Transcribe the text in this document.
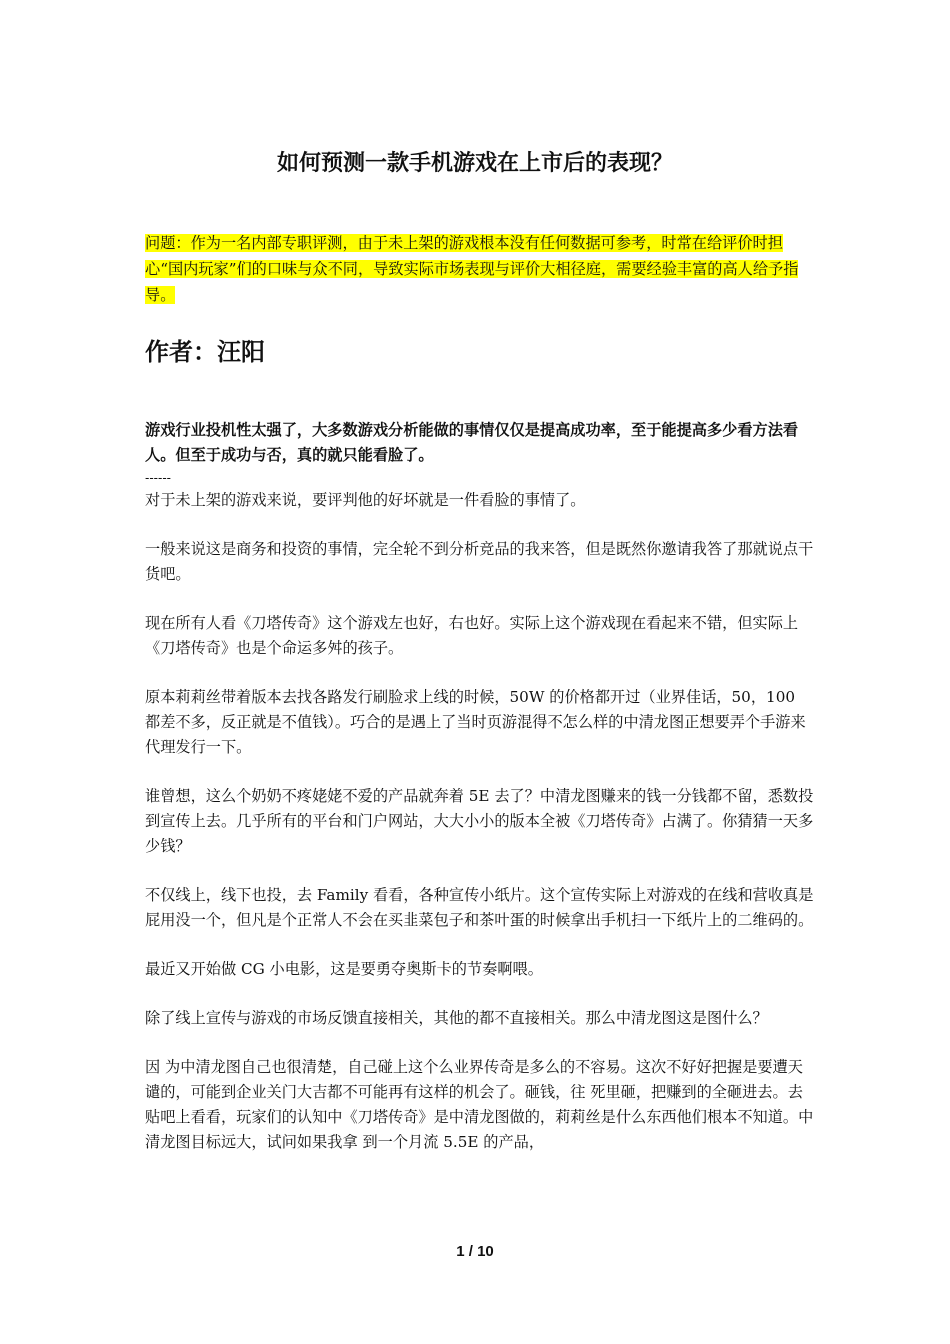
如何预测一款手机游戏在上市后的表现？
问题：作为一名内部专职评测，由于未上架的游戏根本没有任何数据可参考，时常在给评价时担心“国内玩家”们的口味与众不同，导致实际市场表现与评价大相径庭，需要经验丰富的高人给予指导。
作者：汪阳

游戏行业投机性太强了，大多数游戏分析能做的事情仅仅是提高成功率，至于能提高多少看方法看人。但至于成功与否，真的就只能看脸了。

------

对于未上架的游戏来说，要评判他的好坏就是一件看脸的事情了。

一般来说这是商务和投资的事情，完全轮不到分析竞品的我来答，但是既然你邀请我答了那就说点干货吧。

现在所有人看《刀塔传奇》这个游戏左也好，右也好。实际上这个游戏现在看起来不错，但实际上《刀塔传奇》也是个命运多舛的孩子。

原本莉莉丝带着版本去找各路发行刷脸求上线的时候，50W 的价格都开过（业界佳话，50，100 都差不多，反正就是不值钱）。巧合的是遇上了当时页游混得不怎么样的中清龙图正想要弄个手游来代理发行一下。

谁曾想，这么个奶奶不疼姥姥不爱的产品就奔着 5E 去了？中清龙图赚来的钱一分钱都不留，悉数投到宣传上去。几乎所有的平台和门户网站，大大小小的版本全被《刀塔传奇》占满了。你猜猜一天多少钱？

不仅线上，线下也投，去 Family 看看，各种宣传小纸片。这个宣传实际上对游戏的在线和营收真是屁用没一个，但凡是个正常人不会在买韭菜包子和茶叶蛋的时候拿出手机扫一下纸片上的二维码的。

最近又开始做 CG 小电影，这是要勇夺奥斯卡的节奏啊喂。

除了线上宣传与游戏的市场反馈直接相关，其他的都不直接相关。那么中清龙图这是图什么？

因 为中清龙图自己也很清楚，自己碰上这个么业界传奇是多么的不容易。这次不好好把握是要遭天谴的，可能到企业关门大吉都不可能再有这样的机会了。砸钱，往 死里砸，把赚到的全砸进去。去贴吧上看看，玩家们的认知中《刀塔传奇》是中清龙图做的，莉莉丝是什么东西他们根本不知道。中清龙图目标远大，试问如果我拿 到一个月流 5.5E 的产品，

1 / 10
